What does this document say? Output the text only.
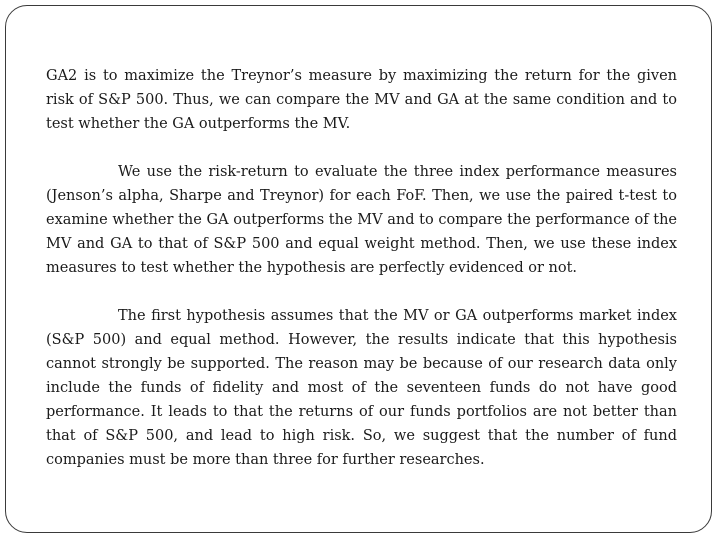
GA2 is to maximize the Treynor’s measure by maximizing the return for the given risk of S&P 500. Thus, we can compare the MV and GA at the same condition and to test whether the GA outperforms the MV.

We use the risk-return to evaluate the three index performance measures (Jenson’s alpha, Sharpe and Treynor) for each FoF. Then, we use the paired t-test to examine whether the GA outperforms the MV and to compare the performance of the MV and GA to that of S&P 500 and equal weight method. Then, we use these index measures to test whether the hypothesis are perfectly evidenced or not.

The first hypothesis assumes that the MV or GA outperforms market index (S&P 500) and equal method. However, the results indicate that this hypothesis cannot strongly be supported. The reason may be because of our research data only include the funds of fidelity and most of the seventeen funds do not have good performance. It leads to that the returns of our funds portfolios are not better than that of S&P 500, and lead to high risk. So, we suggest that the number of fund companies must be more than three for further researches.
